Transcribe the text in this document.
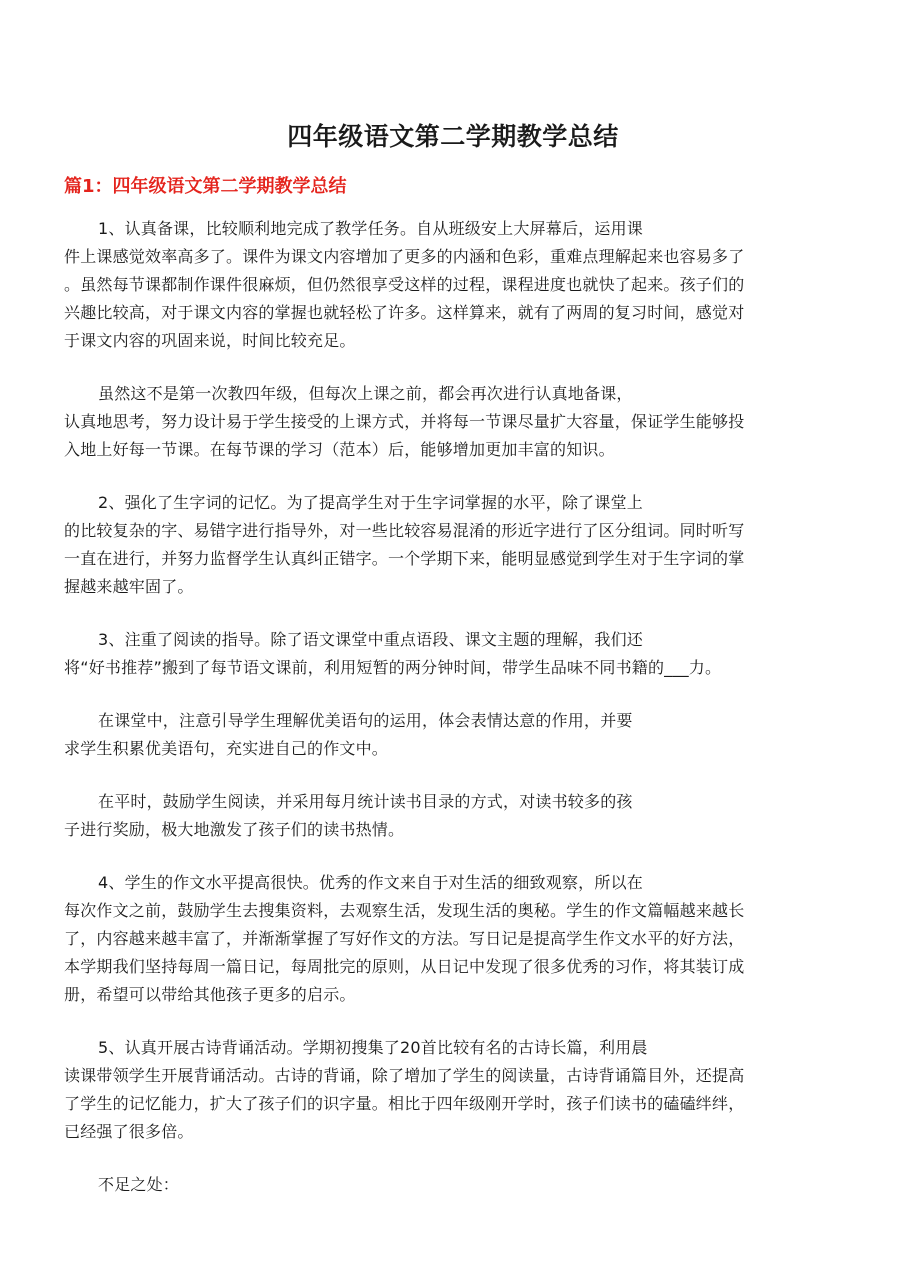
四年级语文第二学期教学总结
篇1：四年级语文第二学期教学总结

1、认真备课，比较顺利地完成了教学任务。自从班级安上大屏幕后，运用课
件上课感觉效率高多了。课件为课文内容增加了更多的内涵和色彩，重难点理解起来也容易多了
。虽然每节课都制作课件很麻烦，但仍然很享受这样的过程，课程进度也就快了起来。孩子们的
兴趣比较高，对于课文内容的掌握也就轻松了许多。这样算来，就有了两周的复习时间，感觉对
于课文内容的巩固来说，时间比较充足。

虽然这不是第一次教四年级，但每次上课之前，都会再次进行认真地备课，
认真地思考，努力设计易于学生接受的上课方式，并将每一节课尽量扩大容量，保证学生能够投
入地上好每一节课。在每节课的学习（范本）后，能够增加更加丰富的知识。

2、强化了生字词的记忆。为了提高学生对于生字词掌握的水平，除了课堂上
的比较复杂的字、易错字进行指导外，对一些比较容易混淆的形近字进行了区分组词。同时听写
一直在进行，并努力监督学生认真纠正错字。一个学期下来，能明显感觉到学生对于生字词的掌
握越来越牢固了。

3、注重了阅读的指导。除了语文课堂中重点语段、课文主题的理解，我们还
将“好书推荐”搬到了每节语文课前，利用短暂的两分钟时间，带学生品味不同书籍的___力。

在课堂中，注意引导学生理解优美语句的运用，体会表情达意的作用，并要
求学生积累优美语句，充实进自己的作文中。

在平时，鼓励学生阅读，并采用每月统计读书目录的方式，对读书较多的孩
子进行奖励，极大地激发了孩子们的读书热情。

4、学生的作文水平提高很快。优秀的作文来自于对生活的细致观察，所以在
每次作文之前，鼓励学生去搜集资料，去观察生活，发现生活的奥秘。学生的作文篇幅越来越长
了，内容越来越丰富了，并渐渐掌握了写好作文的方法。写日记是提高学生作文水平的好方法，
本学期我们坚持每周一篇日记，每周批完的原则，从日记中发现了很多优秀的习作，将其装订成
册，希望可以带给其他孩子更多的启示。

5、认真开展古诗背诵活动。学期初搜集了20首比较有名的古诗长篇，利用晨
读课带领学生开展背诵活动。古诗的背诵，除了增加了学生的阅读量，古诗背诵篇目外，还提高
了学生的记忆能力，扩大了孩子们的识字量。相比于四年级刚开学时，孩子们读书的磕磕绊绊，
已经强了很多倍。

不足之处：
